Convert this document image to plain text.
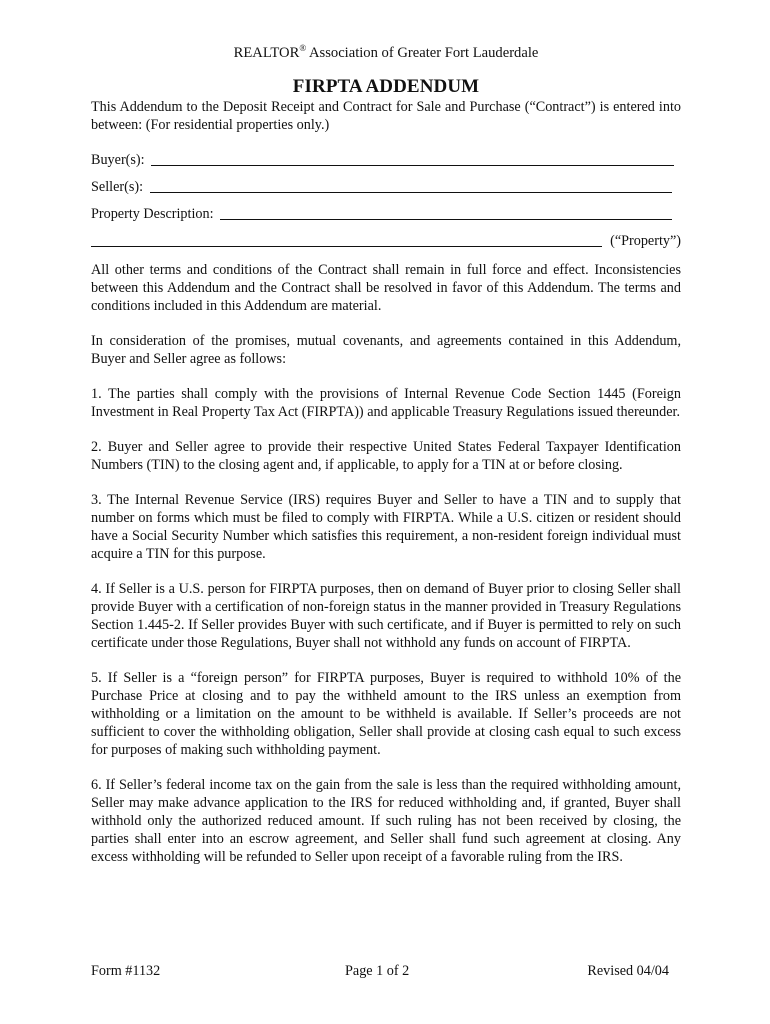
REALTOR® Association of Greater Fort Lauderdale
FIRPTA ADDENDUM

This Addendum to the Deposit Receipt and Contract for Sale and Purchase (“Contract”) is entered into between: (For residential properties only.)

Buyer(s):
Seller(s):
Property Description:
(“Property”)

All other terms and conditions of the Contract shall remain in full force and effect. Inconsistencies between this Addendum and the Contract shall be resolved in favor of this Addendum. The terms and conditions included in this Addendum are material.

In consideration of the promises, mutual covenants, and agreements contained in this Addendum, Buyer and Seller agree as follows:

1. The parties shall comply with the provisions of Internal Revenue Code Section 1445 (Foreign Investment in Real Property Tax Act (FIRPTA)) and applicable Treasury Regulations issued thereunder.

2. Buyer and Seller agree to provide their respective United States Federal Taxpayer Identification Numbers (TIN) to the closing agent and, if applicable, to apply for a TIN at or before closing.

3. The Internal Revenue Service (IRS) requires Buyer and Seller to have a TIN and to supply that number on forms which must be filed to comply with FIRPTA. While a U.S. citizen or resident should have a Social Security Number which satisfies this requirement, a non-resident foreign individual must acquire a TIN for this purpose.

4. If Seller is a U.S. person for FIRPTA purposes, then on demand of Buyer prior to closing Seller shall provide Buyer with a certification of non-foreign status in the manner provided in Treasury Regulations Section 1.445-2. If Seller provides Buyer with such certificate, and if Buyer is permitted to rely on such certificate under those Regulations, Buyer shall not withhold any funds on account of FIRPTA.

5. If Seller is a “foreign person” for FIRPTA purposes, Buyer is required to withhold 10% of the Purchase Price at closing and to pay the withheld amount to the IRS unless an exemption from withholding or a limitation on the amount to be withheld is available. If Seller’s proceeds are not sufficient to cover the withholding obligation, Seller shall provide at closing cash equal to such excess for purposes of making such withholding payment.

6. If Seller’s federal income tax on the gain from the sale is less than the required withholding amount, Seller may make advance application to the IRS for reduced withholding and, if granted, Buyer shall withhold only the authorized reduced amount. If such ruling has not been received by closing, the parties shall enter into an escrow agreement, and Seller shall fund such agreement at closing. Any excess withholding will be refunded to Seller upon receipt of a favorable ruling from the IRS.

Form #1132	Page 1 of 2	Revised 04/04
